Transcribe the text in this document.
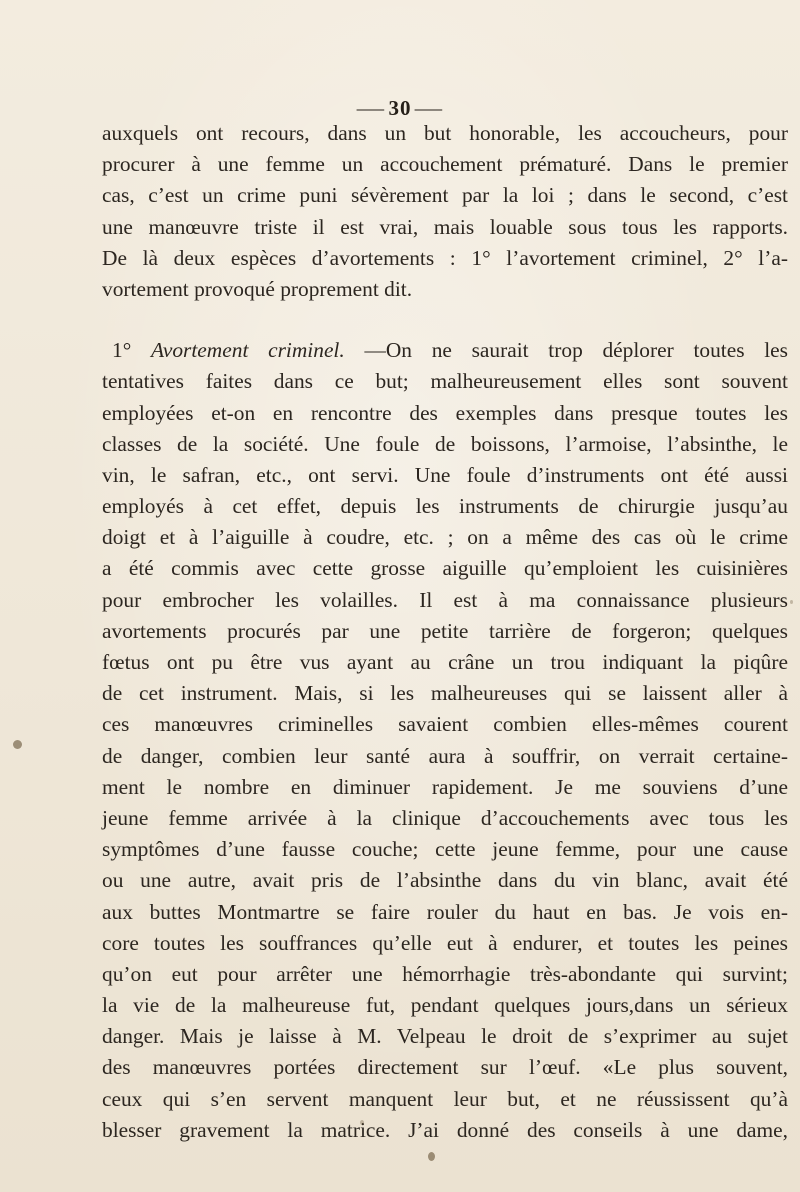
— 30 —
auxquels ont recours, dans un but honorable, les accoucheurs, pour
procurer à une femme un accouchement prématuré. Dans le premier
cas, c’est un crime puni sévèrement par la loi ; dans le second, c’est
une manœuvre triste il est vrai, mais louable sous tous les rapports.
De là deux espèces d’avortements : 1° l’avortement criminel, 2° l’a-
vortement provoqué proprement dit.
1° Avortement criminel. —On ne saurait trop déplorer toutes les
tentatives faites dans ce but; malheureusement elles sont souvent
employées et-on en rencontre des exemples dans presque toutes les
classes de la société. Une foule de boissons, l’armoise, l’absinthe, le
vin, le safran, etc., ont servi. Une foule d’instruments ont été aussi
employés à cet effet, depuis les instruments de chirurgie jusqu’au
doigt et à l’aiguille à coudre, etc. ; on a même des cas où le crime
a été commis avec cette grosse aiguille qu’emploient les cuisinières
pour embrocher les volailles. Il est à ma connaissance plusieurs
avortements procurés par une petite tarrière de forgeron; quelques
fœtus ont pu être vus ayant au crâne un trou indiquant la piqûre
de cet instrument. Mais, si les malheureuses qui se laissent aller à
ces manœuvres criminelles savaient combien elles-mêmes courent
de danger, combien leur santé aura à souffrir, on verrait certaine-
ment le nombre en diminuer rapidement. Je me souviens d’une
jeune femme arrivée à la clinique d’accouchements avec tous les
symptômes d’une fausse couche; cette jeune femme, pour une cause
ou une autre, avait pris de l’absinthe dans du vin blanc, avait été
aux buttes Montmartre se faire rouler du haut en bas. Je vois en-
core toutes les souffrances qu’elle eut à endurer, et toutes les peines
qu’on eut pour arrêter une hémorrhagie très-abondante qui survint;
la vie de la malheureuse fut, pendant quelques jours,dans un sérieux
danger. Mais je laisse à M. Velpeau le droit de s’exprimer au sujet
des manœuvres portées directement sur l’œuf. «Le plus souvent,
ceux qui s’en servent manquent leur but, et ne réussissent qu’à
blesser gravement la matrice. J’ai donné des conseils à une dame,
